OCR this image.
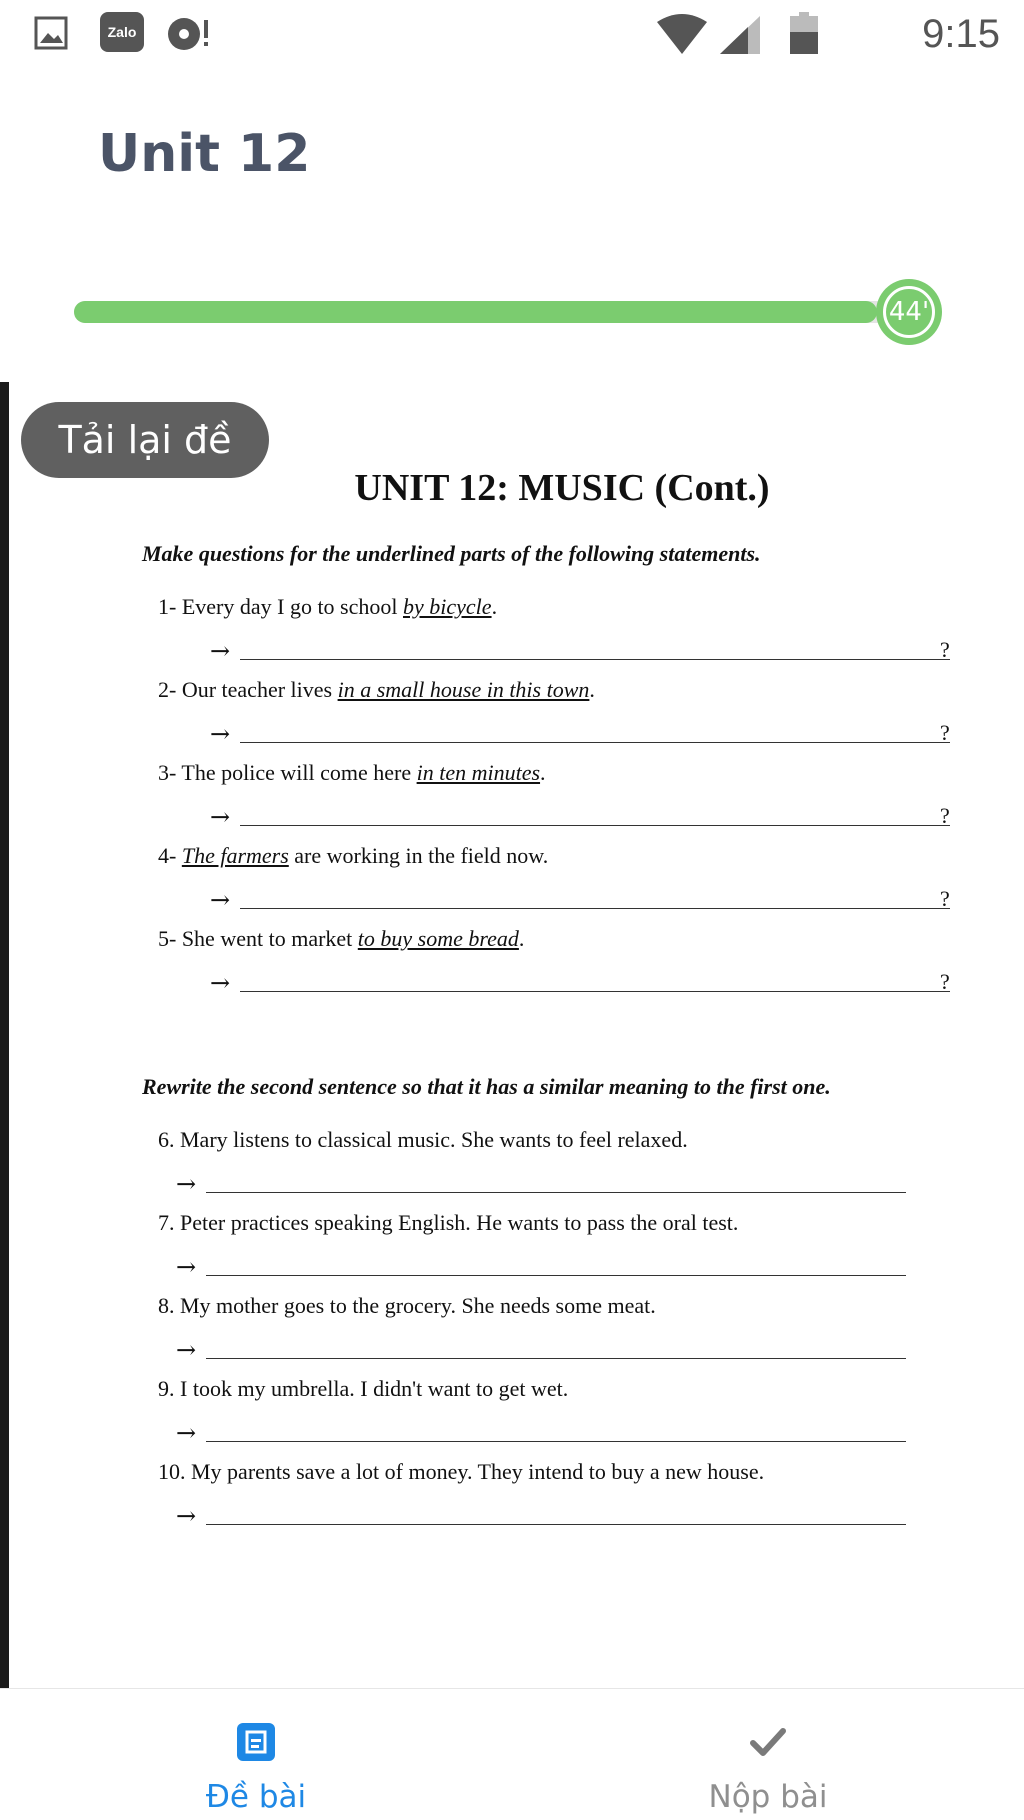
Zalo	9:15
Unit 12
44'
UNIT 12: MUSIC (Cont.)
Make questions for the underlined parts of the following statements.
1- Every day I go to school by bicycle.
→	?
2- Our teacher lives in a small house in this town.
→	?
3- The police will come here in ten minutes.
→	?
4- The farmers are working in the field now.
→	?
5- She went to market to buy some bread.
→	?
Rewrite the second sentence so that it has a similar meaning to the first one.
6. Mary listens to classical music. She wants to feel relaxed.
→
7. Peter practices speaking English. He wants to pass the oral test.
→
8. My mother goes to the grocery. She needs some meat.
→
9. I took my umbrella. I didn't want to get wet.
→
10. My parents save a lot of money. They intend to buy a new house.
→
Tải lại đề
Đề bài	Nộp bài
